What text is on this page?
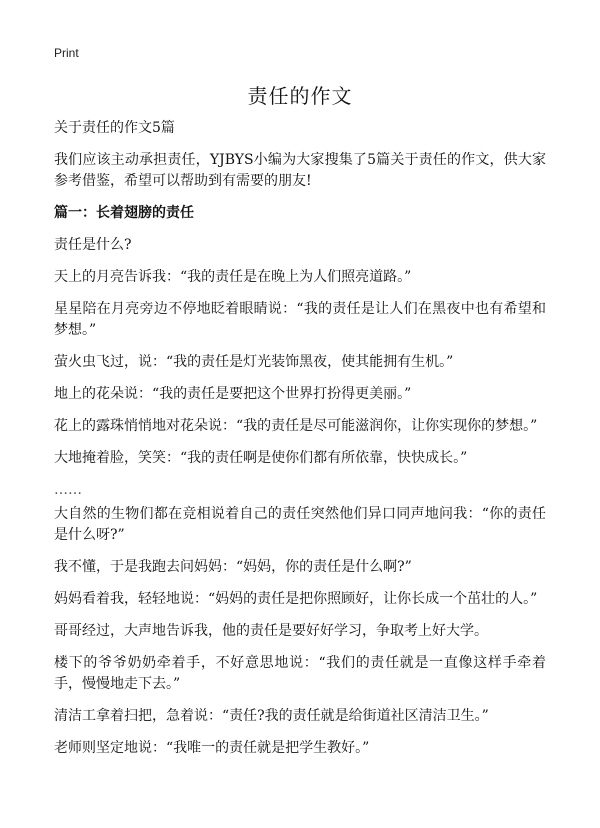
Print
责任的作文

关于责任的作文5篇

我们应该主动承担责任，YJBYS小编为大家搜集了5篇关于责任的作文，供大家参考借鉴，希望可以帮助到有需要的朋友!

篇一：长着翅膀的责任

责任是什么?

天上的月亮告诉我：“我的责任是在晚上为人们照亮道路。”

星星陪在月亮旁边不停地眨着眼睛说：“我的责任是让人们在黑夜中也有希望和梦想。”

萤火虫飞过，说：“我的责任是灯光装饰黑夜，使其能拥有生机。”

地上的花朵说：“我的责任是要把这个世界打扮得更美丽。”

花上的露珠悄悄地对花朵说：“我的责任是尽可能滋润你，让你实现你的梦想。”

大地掩着脸，笑笑：“我的责任啊是使你们都有所依靠，快快成长。”

……

大自然的生物们都在竞相说着自己的责任突然他们异口同声地问我：“你的责任是什么呀?”

我不懂，于是我跑去问妈妈：“妈妈，你的责任是什么啊?”

妈妈看着我，轻轻地说：“妈妈的责任是把你照顾好，让你长成一个茁壮的人。”

哥哥经过，大声地告诉我，他的责任是要好好学习，争取考上好大学。

楼下的爷爷奶奶牵着手，不好意思地说：“我们的责任就是一直像这样手牵着手，慢慢地走下去。”

清洁工拿着扫把，急着说：“责任?我的责任就是给街道社区清洁卫生。”

老师则坚定地说：“我唯一的责任就是把学生教好。”
